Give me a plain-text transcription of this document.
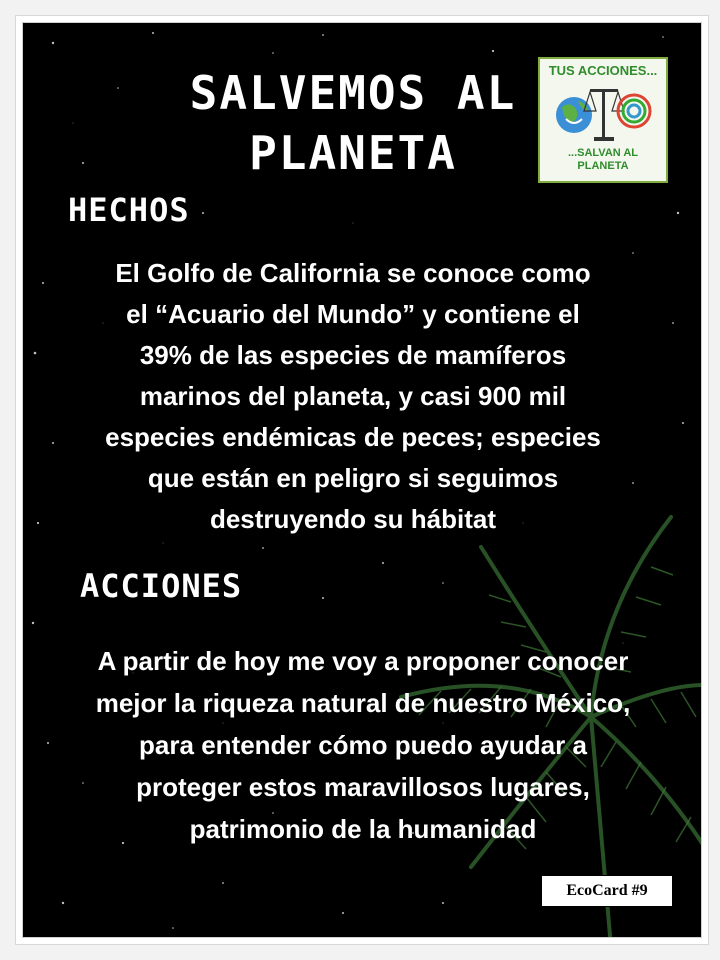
SALVEMOS AL
PLANETA
TUS ACCIONES...
...SALVAN AL
PLANETA
HECHOS
El Golfo de California se conoce como
el “Acuario del Mundo” y contiene el
39% de las especies de mamíferos
marinos del planeta, y casi 900 mil
especies endémicas de peces; especies
que están en peligro si seguimos
destruyendo su hábitat
ACCIONES
A partir de hoy me voy a proponer conocer
mejor la riqueza natural de nuestro México,
para entender cómo puedo ayudar a
proteger estos maravillosos lugares,
patrimonio de la humanidad
EcoCard #9
